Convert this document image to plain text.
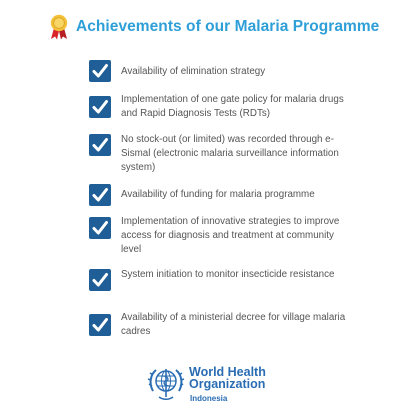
Achievements of our Malaria Programme
Availability of elimination strategy
Implementation of one gate policy for malaria drugs and Rapid Diagnosis Tests (RDTs)
No stock-out (or limited) was recorded through e-Sismal (electronic malaria surveillance information system)
Availability of funding for malaria programme
Implementation of innovative strategies to improve access for diagnosis and treatment at community level
System initiation to monitor insecticide resistance
Availability of a ministerial decree for village malaria cadres
World Health
Organization
Indonesia
